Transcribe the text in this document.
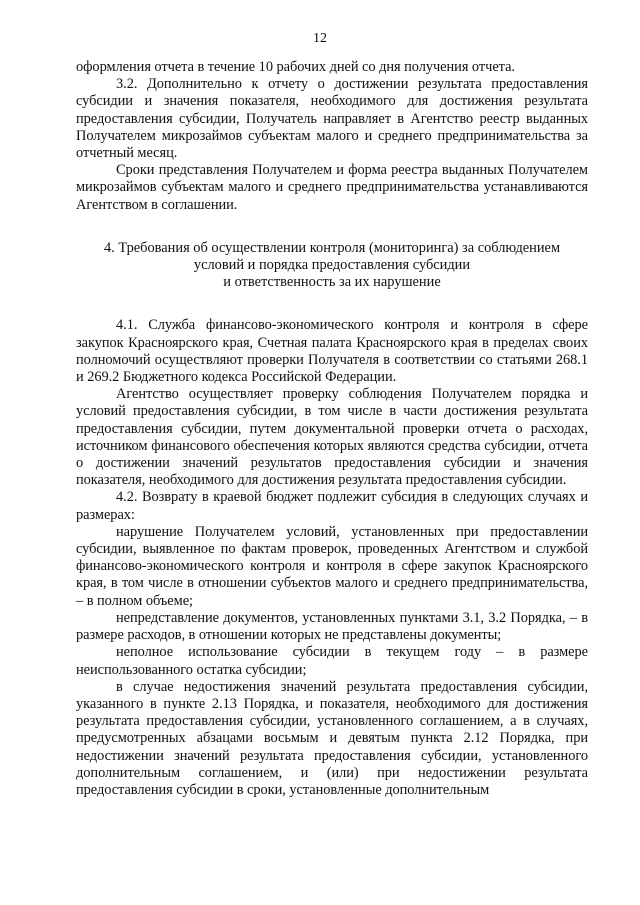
12

оформления отчета в течение 10 рабочих дней со дня получения отчета.

3.2. Дополнительно к отчету о достижении результата предоставления субсидии и значения показателя, необходимого для достижения результата предоставления субсидии, Получатель направляет в Агентство реестр выданных Получателем микрозаймов субъектам малого и среднего предпринимательства за отчетный месяц.

Сроки представления Получателем и форма реестра выданных Получателем микрозаймов субъектам малого и среднего предпринимательства устанавливаются Агентством в соглашении.

4. Требования об осуществлении контроля (мониторинга) за соблюдением
условий и порядка предоставления субсидии
и ответственность за их нарушение

4.1. Служба финансово-экономического контроля и контроля в сфере закупок Красноярского края, Счетная палата Красноярского края в пределах своих полномочий осуществляют проверки Получателя в соответствии со статьями 268.1 и 269.2 Бюджетного кодекса Российской Федерации.

Агентство осуществляет проверку соблюдения Получателем порядка и условий предоставления субсидии, в том числе в части достижения результата предоставления субсидии, путем документальной проверки отчета о расходах, источником финансового обеспечения которых являются средства субсидии, отчета о достижении значений результатов предоставления субсидии и значения показателя, необходимого для достижения результата предоставления субсидии.

4.2. Возврату в краевой бюджет подлежит субсидия в следующих случаях и размерах:

нарушение Получателем условий, установленных при предоставлении субсидии, выявленное по фактам проверок, проведенных Агентством и службой финансово-экономического контроля и контроля в сфере закупок Красноярского края, в том числе в отношении субъектов малого и среднего предпринимательства, – в полном объеме;

непредставление документов, установленных пунктами 3.1, 3.2 Порядка, – в размере расходов, в отношении которых не представлены документы;

неполное использование субсидии в текущем году – в размере неиспользованного остатка субсидии;

в случае недостижения значений результата предоставления субсидии, указанного в пункте 2.13 Порядка, и показателя, необходимого для достижения результата предоставления субсидии, установленного соглашением, а в случаях, предусмотренных абзацами восьмым и девятым пункта 2.12 Порядка, при недостижении значений результата предоставления субсидии, установленного дополнительным соглашением, и (или) при недостижении результата предоставления субсидии в сроки, установленные дополнительным
